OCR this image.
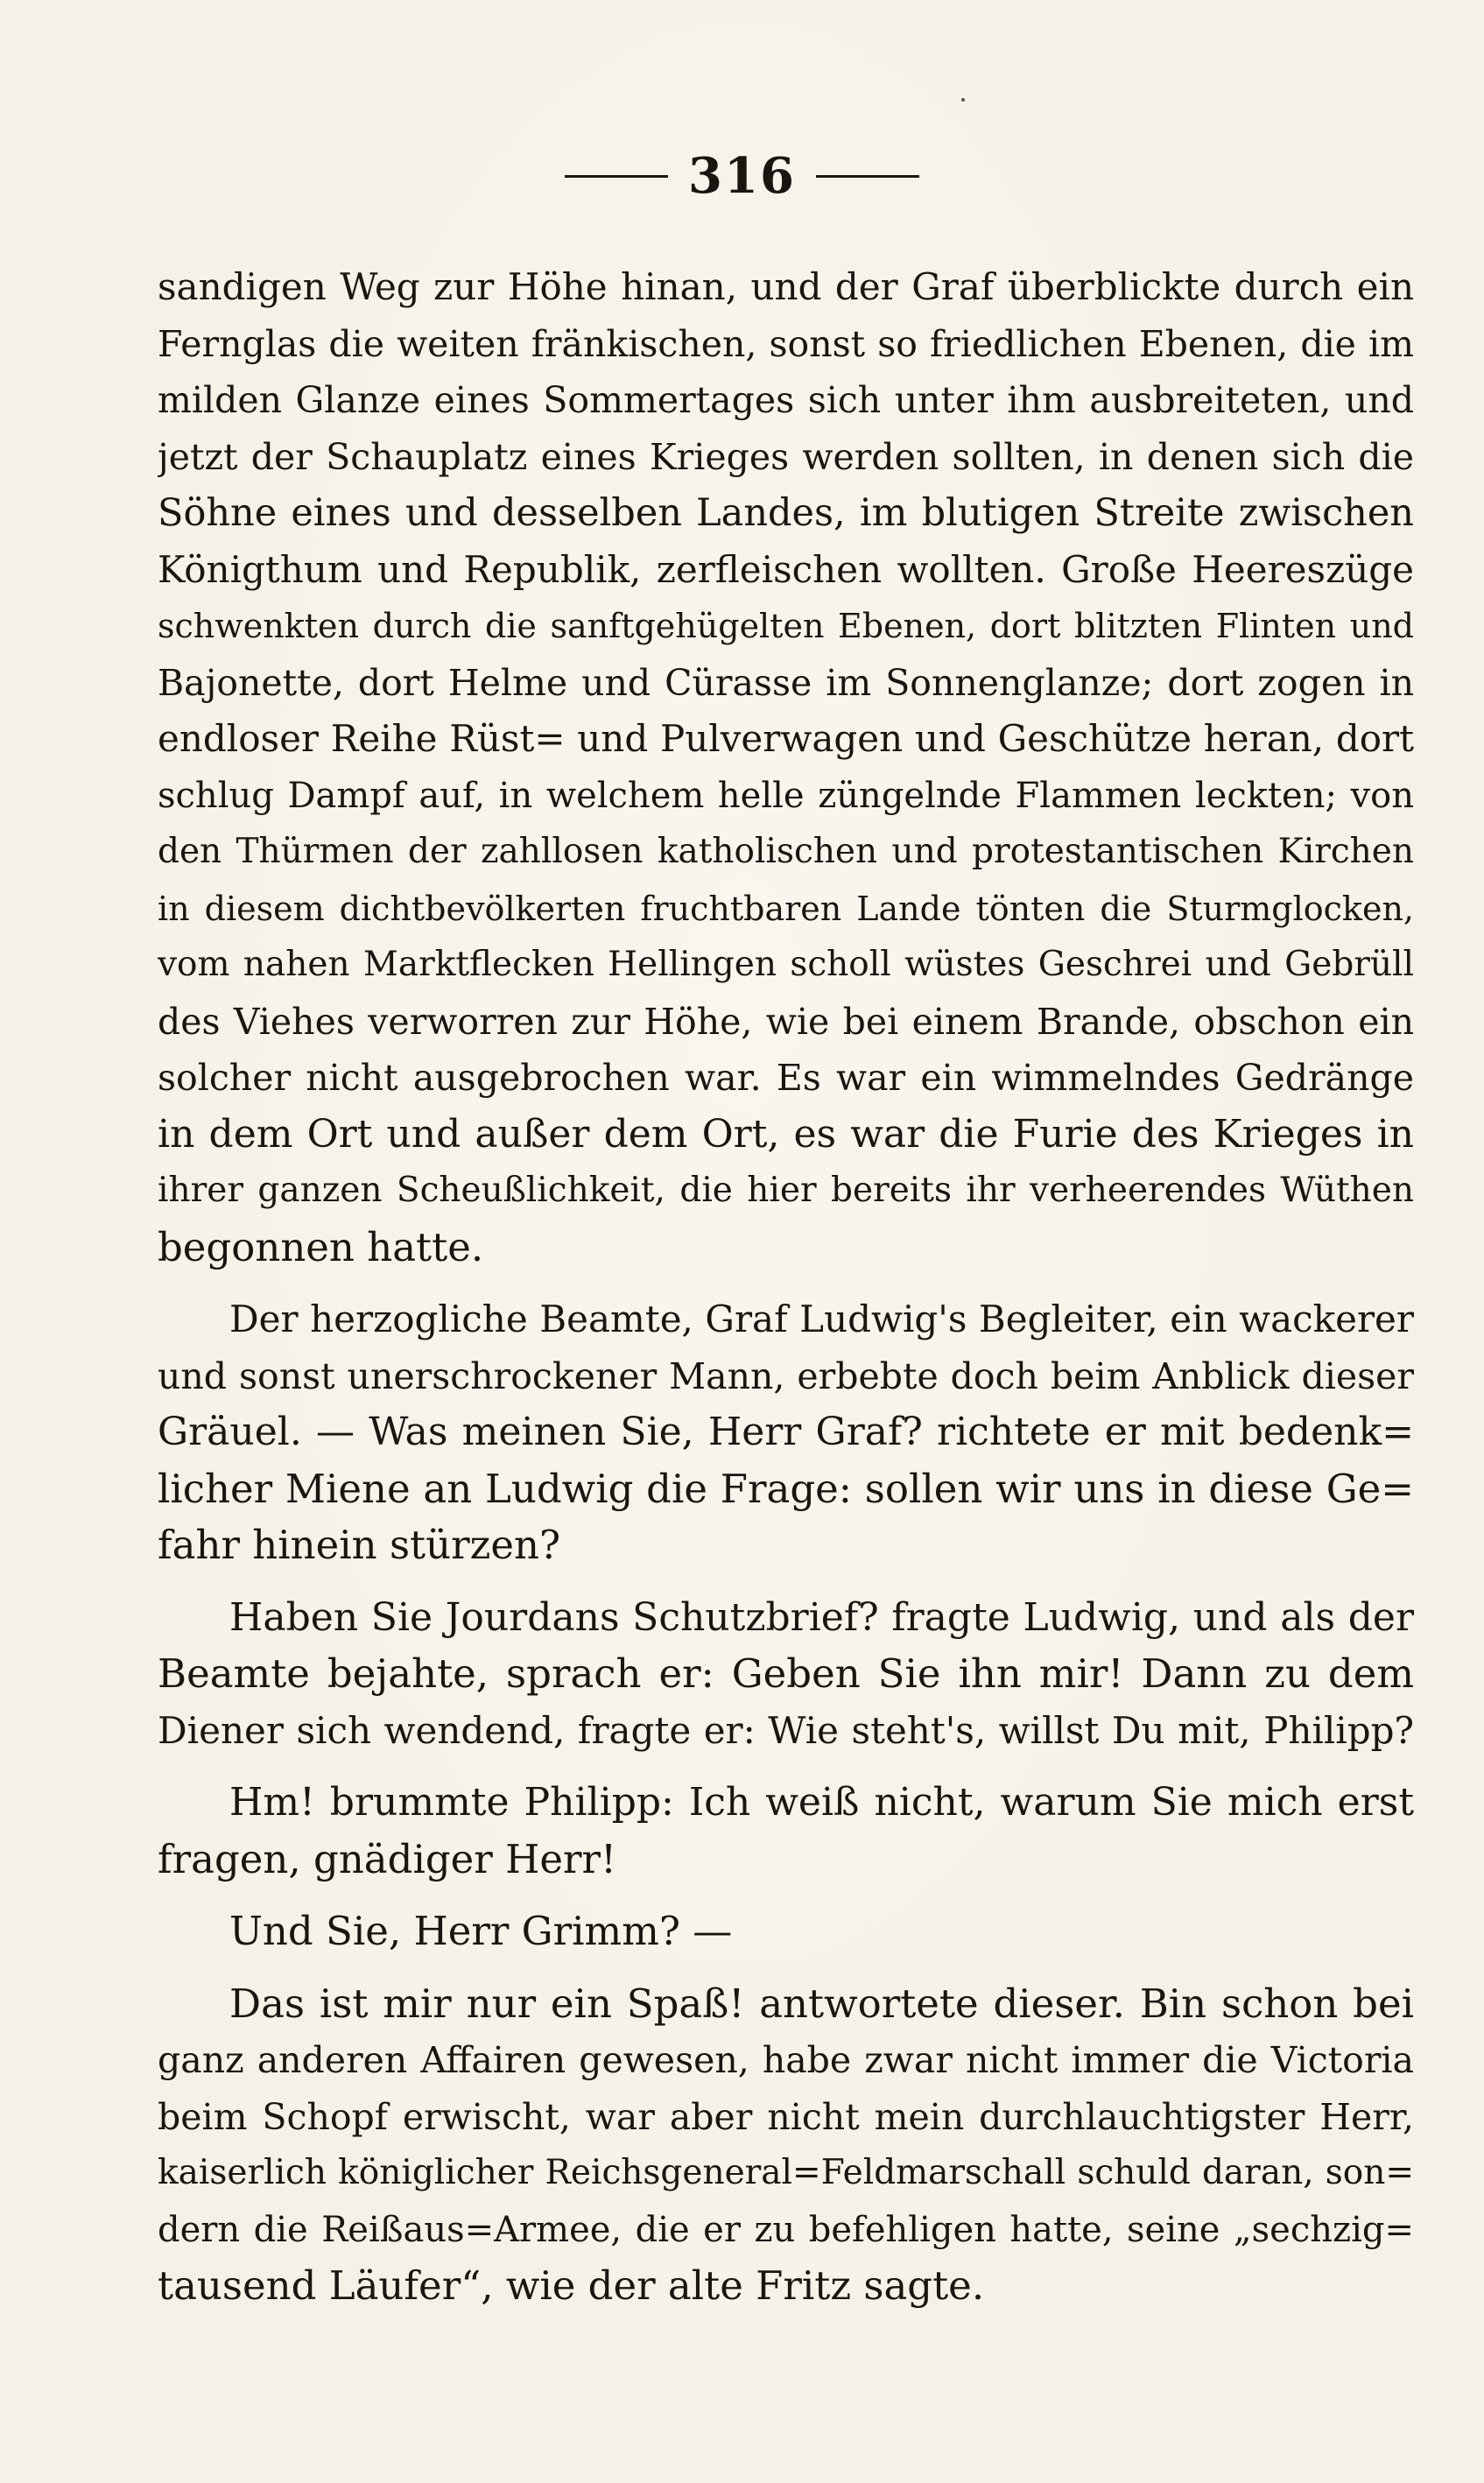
316
sandigen Weg zur Höhe hinan, und der Graf überblickte durch ein
Fernglas die weiten fränkischen, sonst so friedlichen Ebenen, die im
milden Glanze eines Sommertages sich unter ihm ausbreiteten, und
jetzt der Schauplatz eines Krieges werden sollten, in denen sich die
Söhne eines und desselben Landes, im blutigen Streite zwischen
Königthum und Republik, zerfleischen wollten. Große Heereszüge
schwenkten durch die sanftgehügelten Ebenen, dort blitzten Flinten und
Bajonette, dort Helme und Cürasse im Sonnenglanze; dort zogen in
endloser Reihe Rüst= und Pulverwagen und Geschütze heran, dort
schlug Dampf auf, in welchem helle züngelnde Flammen leckten; von
den Thürmen der zahllosen katholischen und protestantischen Kirchen
in diesem dichtbevölkerten fruchtbaren Lande tönten die Sturmglocken,
vom nahen Marktflecken Hellingen scholl wüstes Geschrei und Gebrüll
des Viehes verworren zur Höhe, wie bei einem Brande, obschon ein
solcher nicht ausgebrochen war. Es war ein wimmelndes Gedränge
in dem Ort und außer dem Ort, es war die Furie des Krieges in
ihrer ganzen Scheußlichkeit, die hier bereits ihr verheerendes Wüthen
begonnen hatte.
Der herzogliche Beamte, Graf Ludwig's Begleiter, ein wackerer
und sonst unerschrockener Mann, erbebte doch beim Anblick dieser
Gräuel. — Was meinen Sie, Herr Graf? richtete er mit bedenk=
licher Miene an Ludwig die Frage: sollen wir uns in diese Ge=
fahr hinein stürzen?
Haben Sie Jourdans Schutzbrief? fragte Ludwig, und als der
Beamte bejahte, sprach er: Geben Sie ihn mir! Dann zu dem
Diener sich wendend, fragte er: Wie steht's, willst Du mit, Philipp?
Hm! brummte Philipp: Ich weiß nicht, warum Sie mich erst
fragen, gnädiger Herr!
Und Sie, Herr Grimm? —
Das ist mir nur ein Spaß! antwortete dieser. Bin schon bei
ganz anderen Affairen gewesen, habe zwar nicht immer die Victoria
beim Schopf erwischt, war aber nicht mein durchlauchtigster Herr,
kaiserlich königlicher Reichsgeneral=Feldmarschall schuld daran, son=
dern die Reißaus=Armee, die er zu befehligen hatte, seine „sechzig=
tausend Läufer“, wie der alte Fritz sagte.
